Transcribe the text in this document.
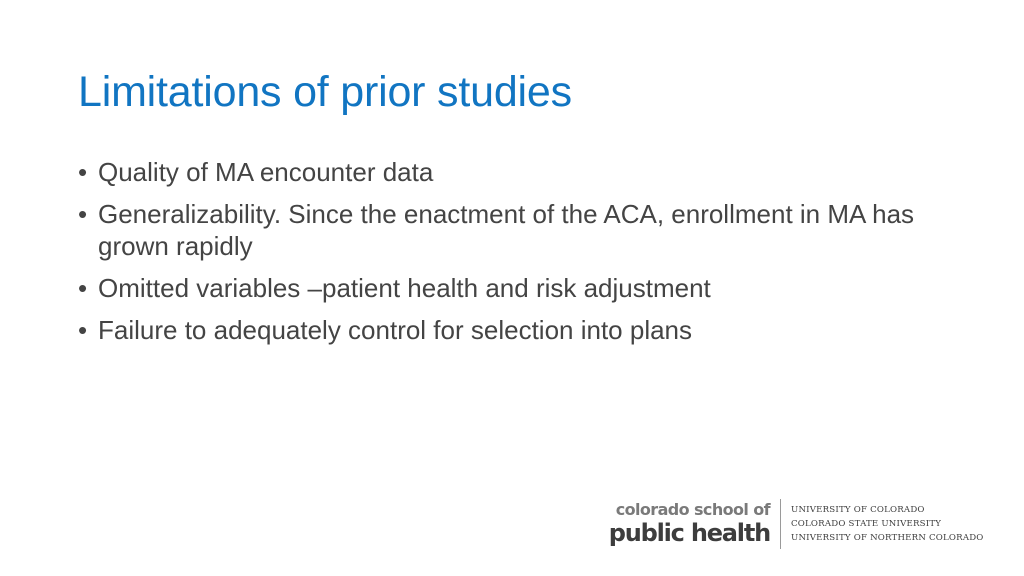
Limitations of prior studies
• Quality of MA encounter data
• Generalizability. Since the enactment of the ACA, enrollment in MA has grown rapidly
• Omitted variables –patient health and risk adjustment
• Failure to adequately control for selection into plans
colorado school of
public health
UNIVERSITY OF COLORADO
COLORADO STATE UNIVERSITY
UNIVERSITY OF NORTHERN COLORADO
